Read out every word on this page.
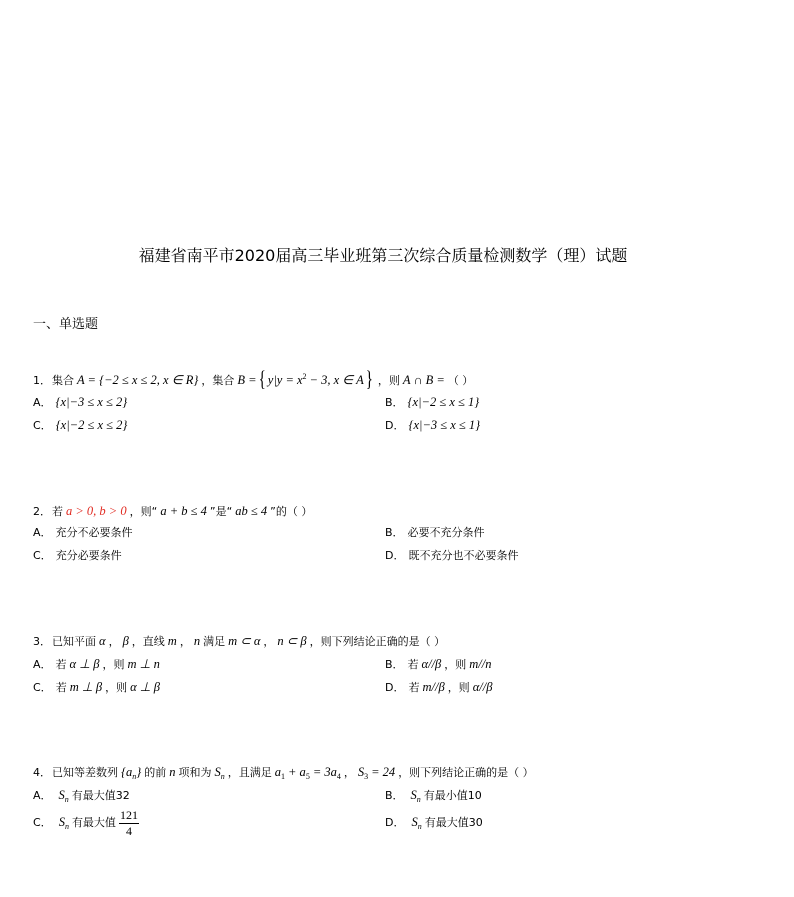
福建省南平市2020届高三毕业班第三次综合质量检测数学（理）试题
一、单选题
1． 集合 A = {−2 ≤ x ≤ 2, x ∈ R} ，集合 B = { y|y = x $^2$ − 3, x ∈ A } ，则 A ∩ B = （ ）
A． {x|−3 ≤ x ≤ 2}	B． {x|−2 ≤ x ≤ 1}
C． {x|−2 ≤ x ≤ 2}	D． {x|−3 ≤ x ≤ 1}
2． 若 a > 0, b > 0 ，则“ a + b ≤ 4 ”是“ ab ≤ 4 ”的（ ）
A． 充分不必要条件	B． 必要不充分条件
C． 充分必要条件	D． 既不充分也不必要条件
3． 已知平面 α ， β ，直线 m ， n 满足 m ⊂ α ， n ⊂ β ，则下列结论正确的是（ ）
A． 若 α ⊥ β ，则 m ⊥ n	B． 若 α//β ，则 m//n
C． 若 m ⊥ β ，则 α ⊥ β	D． 若 m//β ，则 α//β
4． 已知等差数列 {a $_n$ } 的前 n 项和为 S $_n$ ，且满足 a $_1$ + a $_5$ = 3a $_4$ ， S $_3$ = 24 ，则下列结论正确的是（ ）
A． S $_n$ 有最大值32	B． S $_n$ 有最小值10
C． S $_n$ 有最大值 $\frac{121}{4}$	D． S $_n$ 有最大值30
